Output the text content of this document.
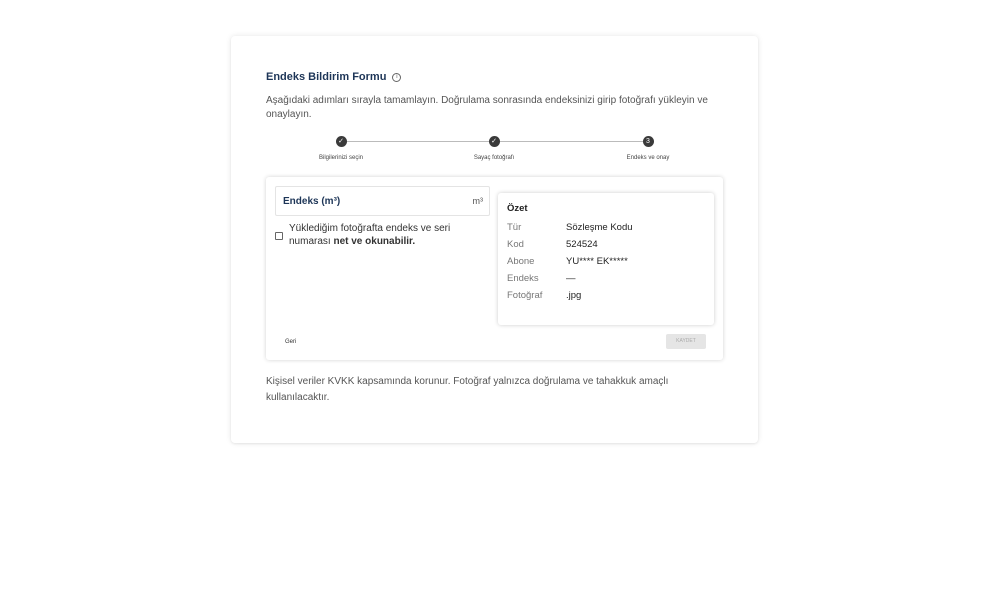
Endeks Bildirim Formu	i

Aşağıdaki adımları sırayla tamamlayın. Doğrulama sonrasında endeksinizi girip fotoğrafı yükleyin ve onaylayın.

✓
Bilgilerinizi seçin
✓
Sayaç fotoğrafı
3
Endeks ve onay
Endeks (m³)	m³
Yüklediğim fotoğrafta endeks ve seri numarası net ve okunabilir.
Özet
Tür	Sözleşme Kodu
Kod	524524
Abone	YU**** EK*****
Endeks	—
Fotoğraf	.jpg
Geri	KAYDET

Kişisel veriler KVKK kapsamında korunur. Fotoğraf yalnızca doğrulama ve tahakkuk amaçlı kullanılacaktır.
